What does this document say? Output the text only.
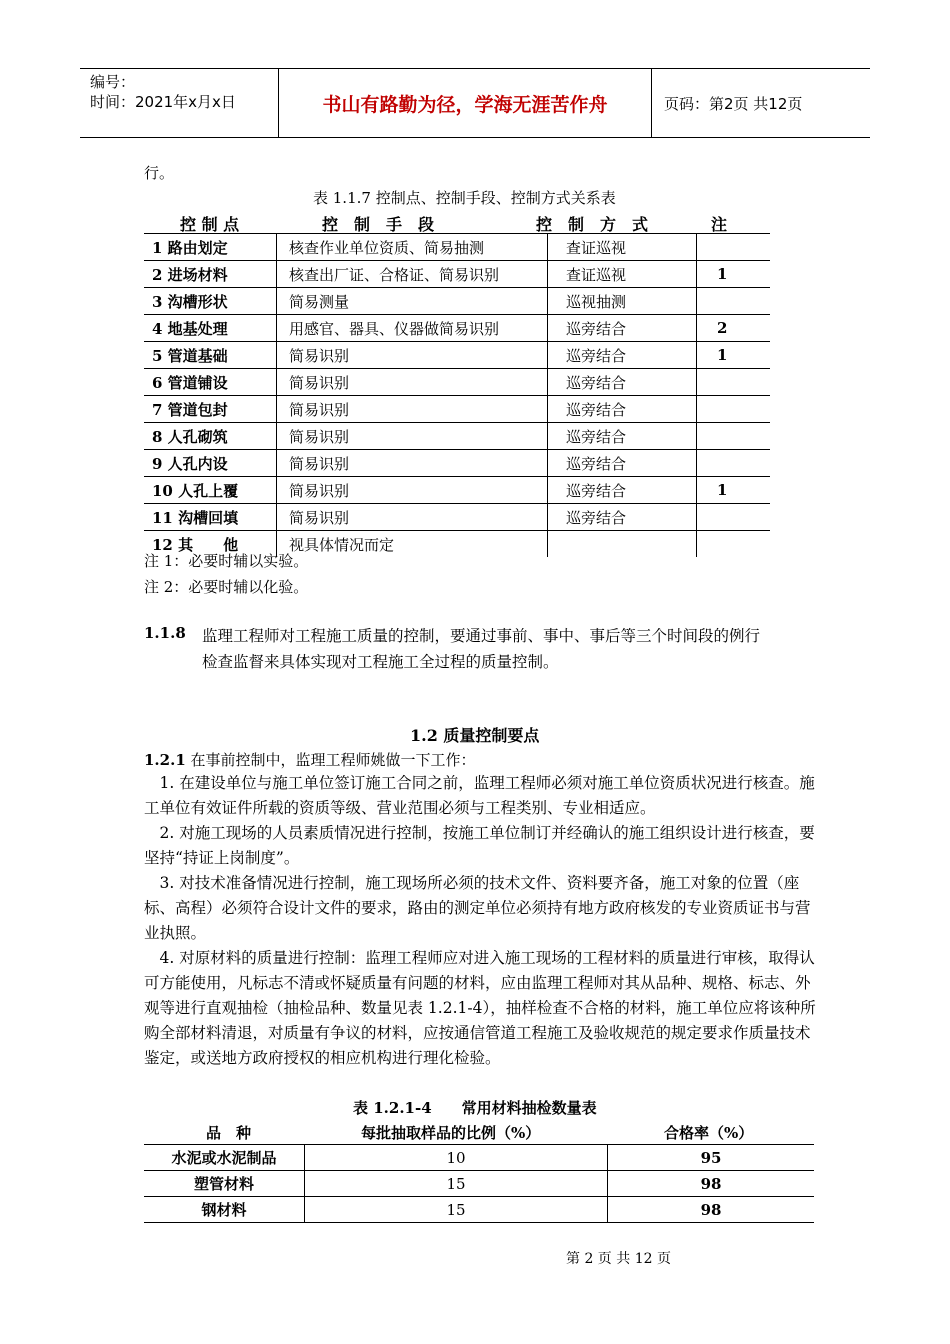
编号：
时间：2021年x月x日	书山有路勤为径，学海无涯苦作舟	页码：第2页 共12页
行。
表 1.1.7 控制点、控制手段、控制方式关系表
控 制 点	控　制　手　段	控　制　方　式	注
1 路由划定	核查作业单位资质、简易抽测	查证巡视	
2 进场材料	核查出厂证、合格证、简易识别	查证巡视	1
3 沟槽形状	简易测量	巡视抽测	
4 地基处理	用感官、器具、仪器做简易识别	巡旁结合	2
5 管道基础	简易识别	巡旁结合	1
6 管道铺设	简易识别	巡旁结合	
7 管道包封	简易识别	巡旁结合	
8 人孔砌筑	简易识别	巡旁结合	
9 人孔内设	简易识别	巡旁结合	
10 人孔上覆	简易识别	巡旁结合	1
11 沟槽回填	简易识别	巡旁结合	
12 其　　他	视具体情况而定		
注 1：必要时辅以实验。
注 2：必要时辅以化验。
1.1.8 监理工程师对工程施工质量的控制，要通过事前、事中、事后等三个时间段的例行
检查监督来具体实现对工程施工全过程的质量控制。
1.2 质量控制要点
1.2.1 在事前控制中，监理工程师姚做一下工作：
　1. 在建设单位与施工单位签订施工合同之前，监理工程师必须对施工单位资质状况进行核查。施工单位有效证件所载的资质等级、营业范围必须与工程类别、专业相适应。
　2. 对施工现场的人员素质情况进行控制，按施工单位制订并经确认的施工组织设计进行核查，要坚持“持证上岗制度”。
　3. 对技术准备情况进行控制，施工现场所必须的技术文件、资料要齐备，施工对象的位置（座标、高程）必须符合设计文件的要求，路由的测定单位必须持有地方政府核发的专业资质证书与营业执照。
　4. 对原材料的质量进行控制：监理工程师应对进入施工现场的工程材料的质量进行审核，取得认可方能使用，凡标志不清或怀疑质量有问题的材料，应由监理工程师对其从品种、规格、标志、外观等进行直观抽检（抽检品种、数量见表 1.2.1-4），抽样检查不合格的材料，施工单位应将该种所购全部材料清退，对质量有争议的材料，应按通信管道工程施工及验收规范的规定要求作质量技术鉴定，或送地方政府授权的相应机构进行理化检验。
表 1.2.1-4　　常用材料抽检数量表
品　种	每批抽取样品的比例（%）	合格率（%）
水泥或水泥制品	10	95
塑管材料	15	98
钢材料	15	98
第 2 页 共 12 页
